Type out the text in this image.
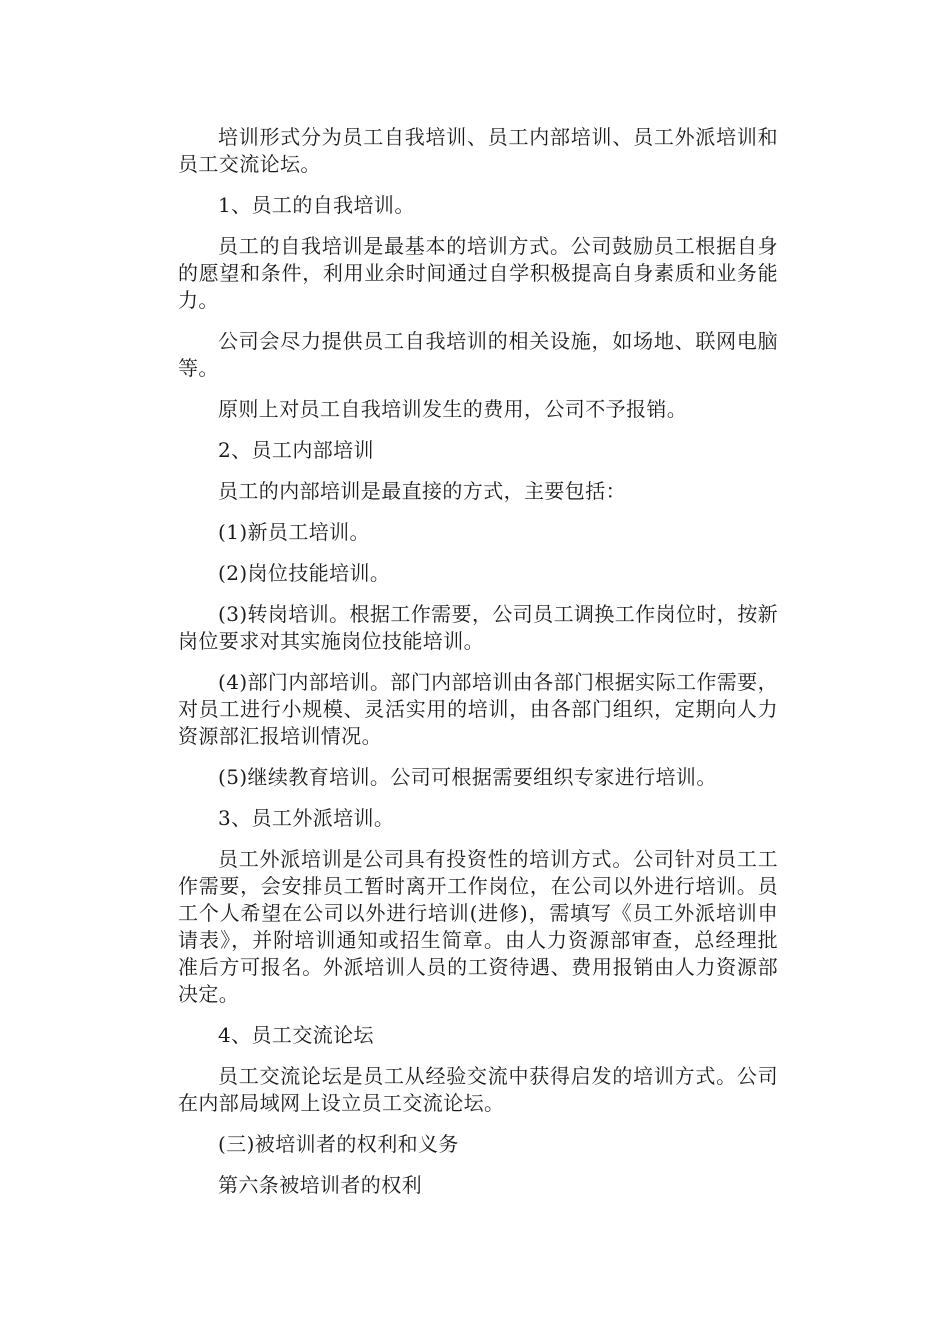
培训形式分为员工自我培训、员工内部培训、员工外派培训和员工交流论坛。

1、员工的自我培训。

员工的自我培训是最基本的培训方式。公司鼓励员工根据自身的愿望和条件，利用业余时间通过自学积极提高自身素质和业务能力。

公司会尽力提供员工自我培训的相关设施，如场地、联网电脑等。

原则上对员工自我培训发生的费用，公司不予报销。

2、员工内部培训

员工的内部培训是最直接的方式，主要包括：

(1)新员工培训。

(2)岗位技能培训。

(3)转岗培训。根据工作需要，公司员工调换工作岗位时，按新岗位要求对其实施岗位技能培训。

(4)部门内部培训。部门内部培训由各部门根据实际工作需要，对员工进行小规模、灵活实用的培训，由各部门组织，定期向人力资源部汇报培训情况。

(5)继续教育培训。公司可根据需要组织专家进行培训。

3、员工外派培训。

员工外派培训是公司具有投资性的培训方式。公司针对员工工作需要，会安排员工暂时离开工作岗位，在公司以外进行培训。员工个人希望在公司以外进行培训(进修)，需填写《员工外派培训申请表》，并附培训通知或招生简章。由人力资源部审查，总经理批准后方可报名。外派培训人员的工资待遇、费用报销由人力资源部决定。

4、员工交流论坛

员工交流论坛是员工从经验交流中获得启发的培训方式。公司在内部局域网上设立员工交流论坛。

(三)被培训者的权利和义务

第六条被培训者的权利
